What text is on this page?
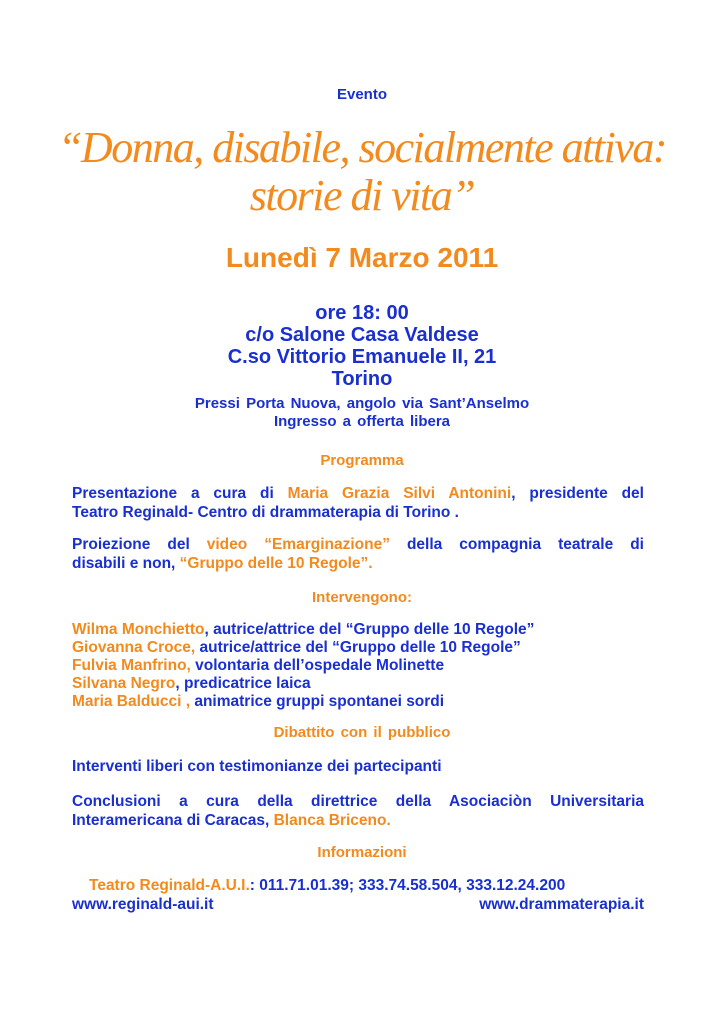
Evento
“Donna, disabile, socialmente attiva:
storie di vita”
Lunedì 7 Marzo 2011
ore 18: 00
c/o Salone Casa Valdese
C.so Vittorio Emanuele II, 21
Torino
Pressi Porta Nuova, angolo via Sant’Anselmo
Ingresso a offerta libera
Programma
Presentazione a cura di Maria Grazia Silvi Antonini, presidente del
Teatro Reginald- Centro di drammaterapia di Torino .
Proiezione del video “Emarginazione” della compagnia teatrale di
disabili e non, “Gruppo delle 10 Regole”.
Intervengono:
Wilma Monchietto, autrice/attrice del “Gruppo delle 10 Regole”
Giovanna Croce, autrice/attrice del “Gruppo delle 10 Regole”
Fulvia Manfrino, volontaria dell’ospedale Molinette
Silvana Negro, predicatrice laica
Maria Balducci , animatrice gruppi spontanei sordi
Dibattito con il pubblico
Interventi liberi con testimonianze dei partecipanti
Conclusioni a cura della direttrice della Asociaciòn Universitaria
Interamericana di Caracas, Blanca Briceno.
Informazioni
Teatro Reginald-A.U.I.: 011.71.01.39; 333.74.58.504, 333.12.24.200
www.reginald-aui.it	www.drammaterapia.it
